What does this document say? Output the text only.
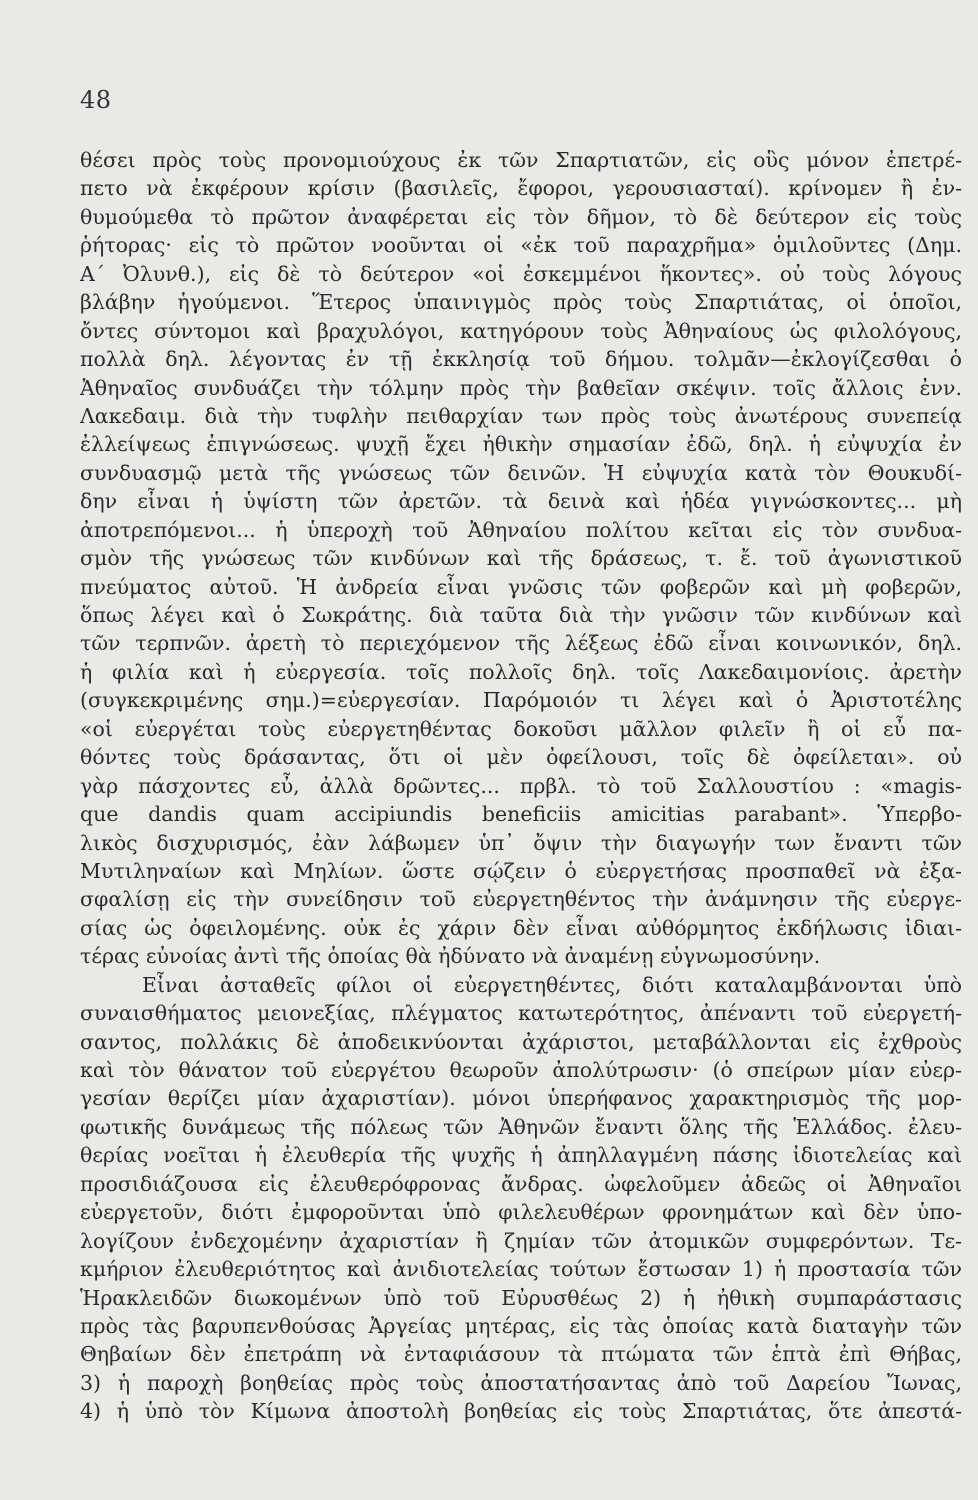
48
θέσει πρὸς τοὺς προνομιούχους ἐκ τῶν Σπαρτιατῶν, εἰς οὓς μόνον ἐπετρέ-
πετο νὰ ἐκφέρουν κρίσιν (βασιλεῖς, ἔφοροι, γερουσιασταί). κρίνομεν ἢ ἐν-
θυμούμεθα τὸ πρῶτον ἀναφέρεται εἰς τὸν δῆμον, τὸ δὲ δεύτερον εἰς τοὺς
ῥήτορας· εἰς τὸ πρῶτον νοοῦνται οἱ «ἐκ τοῦ παραχρῆμα» ὁμιλοῦντες (Δημ.
Α΄ Ὀλυνθ.), εἰς δὲ τὸ δεύτερον «οἱ ἐσκεμμένοι ἥκοντες». οὐ τοὺς λόγους
βλάβην ἡγούμενοι. Ἕτερος ὑπαινιγμὸς πρὸς τοὺς Σπαρτιάτας, οἱ ὁποῖοι,
ὄντες σύντομοι καὶ βραχυλόγοι, κατηγόρουν τοὺς Ἀθηναίους ὡς φιλολόγους,
πολλὰ δηλ. λέγοντας ἐν τῇ ἐκκλησίᾳ τοῦ δήμου. τολμᾶν—ἐκλογίζεσθαι ὁ
Ἀθηναῖος συνδυάζει τὴν τόλμην πρὸς τὴν βαθεῖαν σκέψιν. τοῖς ἄλλοις ἐνν.
Λακεδαιμ. διὰ τὴν τυφλὴν πειθαρχίαν των πρὸς τοὺς ἀνωτέρους συνεπείᾳ
ἐλλείψεως ἐπιγνώσεως. ψυχῇ ἔχει ἠθικὴν σημασίαν ἐδῶ, δηλ. ἡ εὐψυχία ἐν
συνδυασμῷ μετὰ τῆς γνώσεως τῶν δεινῶν. Ἡ εὐψυχία κατὰ τὸν Θουκυδί-
δην εἶναι ἡ ὑψίστη τῶν ἀρετῶν. τὰ δεινὰ καὶ ἡδέα γιγνώσκοντες... μὴ
ἀποτρεπόμενοι... ἡ ὑπεροχὴ τοῦ Ἀθηναίου πολίτου κεῖται εἰς τὸν συνδυα-
σμὸν τῆς γνώσεως τῶν κινδύνων καὶ τῆς δράσεως, τ. ἔ. τοῦ ἀγωνιστικοῦ
πνεύματος αὐτοῦ. Ἡ ἀνδρεία εἶναι γνῶσις τῶν φοβερῶν καὶ μὴ φοβερῶν,
ὅπως λέγει καὶ ὁ Σωκράτης. διὰ ταῦτα διὰ τὴν γνῶσιν τῶν κινδύνων καὶ
τῶν τερπνῶν. ἀρετὴ τὸ περιεχόμενον τῆς λέξεως ἐδῶ εἶναι κοινωνικόν, δηλ.
ἡ φιλία καὶ ἡ εὐεργεσία. τοῖς πολλοῖς δηλ. τοῖς Λακεδαιμονίοις. ἀρετὴν
(συγκεκριμένης σημ.)=εὐεργεσίαν. Παρόμοιόν τι λέγει καὶ ὁ Ἀριστοτέλης
«οἱ εὐεργέται τοὺς εὐεργετηθέντας δοκοῦσι μᾶλλον φιλεῖν ἢ οἱ εὖ πα-
θόντες τοὺς δράσαντας, ὅτι οἱ μὲν ὀφείλουσι, τοῖς δὲ ὀφείλεται». οὐ
γὰρ πάσχοντες εὖ, ἀλλὰ δρῶντες... πρβλ. τὸ τοῦ Σαλλουστίου : «magis-
que dandis quam accipiundis beneficiis amicitias parabant». Ὑπερβο-
λικὸς δισχυρισμός, ἐὰν λάβωμεν ὑπ᾽ ὄψιν τὴν διαγωγήν των ἔναντι τῶν
Μυτιληναίων καὶ Μηλίων. ὥστε σῴζειν ὁ εὐεργετήσας προσπαθεῖ νὰ ἐξα-
σφαλίσῃ εἰς τὴν συνείδησιν τοῦ εὐεργετηθέντος τὴν ἀνάμνησιν τῆς εὐεργε-
σίας ὡς ὀφειλομένης. οὐκ ἐς χάριν δὲν εἶναι αὐθόρμητος ἐκδήλωσις ἰδιαι-
τέρας εὐνοίας ἀντὶ τῆς ὁποίας θὰ ἠδύνατο νὰ ἀναμένῃ εὐγνωμοσύνην.
Εἶναι ἀσταθεῖς φίλοι οἱ εὐεργετηθέντες, διότι καταλαμβάνονται ὑπὸ
συναισθήματος μειονεξίας, πλέγματος κατωτερότητος, ἀπέναντι τοῦ εὐεργετή-
σαντος, πολλάκις δὲ ἀποδεικνύονται ἀχάριστοι, μεταβάλλονται εἰς ἐχθροὺς
καὶ τὸν θάνατον τοῦ εὐεργέτου θεωροῦν ἀπολύτρωσιν· (ὁ σπείρων μίαν εὐερ-
γεσίαν θερίζει μίαν ἀχαριστίαν). μόνοι ὑπερήφανος χαρακτηρισμὸς τῆς μορ-
φωτικῆς δυνάμεως τῆς πόλεως τῶν Ἀθηνῶν ἔναντι ὅλης τῆς Ἑλλάδος. ἐλευ-
θερίας νοεῖται ἡ ἐλευθερία τῆς ψυχῆς ἡ ἀπηλλαγμένη πάσης ἰδιοτελείας καὶ
προσιδιάζουσα εἰς ἐλευθερόφρονας ἄνδρας. ὠφελοῦμεν ἀδεῶς οἱ Ἀθηναῖοι
εὐεργετοῦν, διότι ἐμφοροῦνται ὑπὸ φιλελευθέρων φρονημάτων καὶ δὲν ὑπο-
λογίζουν ἐνδεχομένην ἀχαριστίαν ἢ ζημίαν τῶν ἀτομικῶν συμφερόντων. Τε-
κμήριον ἐλευθεριότητος καὶ ἀνιδιοτελείας τούτων ἔστωσαν 1) ἡ προστασία τῶν
Ἡρακλειδῶν διωκομένων ὑπὸ τοῦ Εὐρυσθέως 2) ἡ ἠθικὴ συμπαράστασις
πρὸς τὰς βαρυπενθούσας Ἀργείας μητέρας, εἰς τὰς ὁποίας κατὰ διαταγὴν τῶν
Θηβαίων δὲν ἐπετράπη νὰ ἐνταφιάσουν τὰ πτώματα τῶν ἑπτὰ ἐπὶ Θήβας,
3) ἡ παροχὴ βοηθείας πρὸς τοὺς ἀποστατήσαντας ἀπὸ τοῦ Δαρείου Ἴωνας,
4) ἡ ὑπὸ τὸν Κίμωνα ἀποστολὴ βοηθείας εἰς τοὺς Σπαρτιάτας, ὅτε ἀπεστά-
